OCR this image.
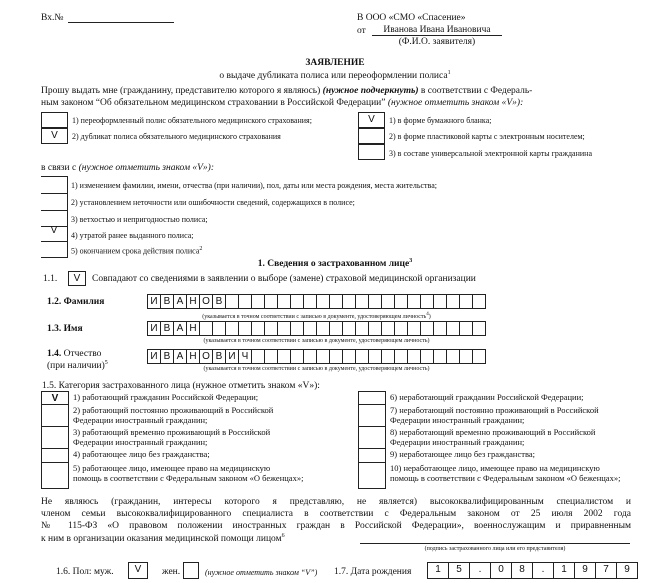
Вх.№	В ООО «СМО «Спасение»
от	Иванова Ивана Ивановича
(Ф.И.О. заявителя)
ЗАЯВЛЕНИЕ
о выдаче дубликата полиса или переоформлении полиса$^1$
Прошу выдать мне (гражданину, представителю которого я являюсь) (нужное подчеркнуть) в соответствии с Федераль-
ным законом “Об обязательном медицинском страховании в Российской Федерации” (нужное отметить знаком «V»):
1) переоформленный полис обязательного медицинского страхования;
V	2) дубликат полиса обязательного медицинского страхования
V	1) в форме бумажного бланка;
2) в форме пластиковой карты с электронным носителем;
3) в составе универсальной электронной карты гражданина
в связи с (нужное отметить знаком «V»):
1) изменением фамилии, имени, отчества (при наличии), пол, даты или места рождения, места жительства;
2) установлением неточности или ошибочности сведений, содержащихся в полисе;
3) ветхостью и непригодностью полиса;
V	4) утратой ранее выданного полиса;
5) окончанием срока действия полиса$^2$
1. Сведения о застрахованном лице$^3$
1.1.	V	Совпадают со сведениями в заявлении о выборе (замене) страховой медицинской организации
1.2. Фамилия	И В А Н О В
(указывается в точном соответствии с записью в документе, удостоверяющем личность$^4$)
1.3. Имя	И В А Н
(указывается в точном соответствии с записью в документе, удостоверяющем личность)
1.4. Отчество
(при наличии)$^5$
И В А Н О В И Ч
(указывается в точном соответствии с записью в документе, удостоверяющем личность)
1.5. Категория застрахованного лица (нужное отметить знаком «V»):
V	1) работающий гражданин Российской Федерации;
2) работающий постоянно проживающий в Российской
Федерации иностранный гражданин;
3) работающий временно проживающий в Российской
Федерации иностранный гражданин;
4) работающее лицо без гражданства;
5) работающее лицо, имеющее право на медицинскую
помощь в соответствии с Федеральным законом «О беженцах»;
6) неработающий гражданин Российской Федерации;
7) неработающий постоянно проживающий в Российской
Федерации иностранный гражданин;
8) неработающий временно проживающий в Российской
Федерации иностранный гражданин;
9) неработающее лицо без гражданства;
10) неработающее лицо, имеющее право на медицинскую
помощь в соответствии с Федеральным законом «О беженцах»;
Не являюсь (гражданин, интересы которого я представляю, не является) высококвалифицированным специалистом и
членом семьи высококвалифицированного специалиста в соответствии с Федеральным законом от 25 июля 2002 года
№ 115-ФЗ «О правовом положении иностранных граждан в Российской Федерации», военнослужащим и приравненным
к ним в организации оказания медицинской помощи лицом$^6$
(подпись застрахованного лица или его представителя)
1.6. Пол: муж.	V	жен.	(нужное отметить знаком “V”) 1.7. Дата рождения	1	5	.	0	8	.	1	9	7	9
